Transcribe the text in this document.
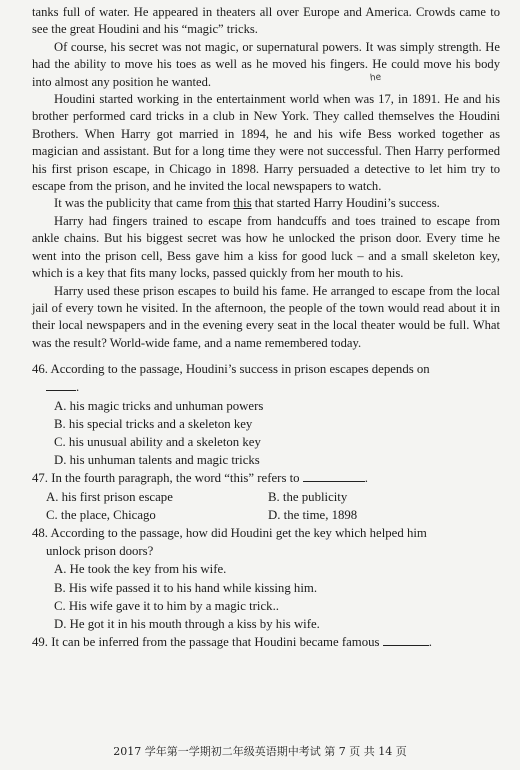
tanks full of water. He appeared in theaters all over Europe and America. Crowds came to see the great Houdini and his “magic” tricks.

Of course, his secret was not magic, or supernatural powers. It was simply strength. He had the ability to move his toes as well as he moved his fingers. He could move his body into almost any position he wanted.

Houdini started working in the entertainment world when was 17, in 1891. He and his brother performed card tricks in a club in New York. They called themselves the Houdini Brothers. When Harry got married in 1894, he and his wife Bess worked together as magician and assistant. But for a long time they were not successful. Then Harry performed his first prison escape, in Chicago in 1898. Harry persuaded a detective to let him try to escape from the prison, and he invited the local newspapers to watch.

It was the publicity that came from this that started Harry Houdini’s success.

Harry had fingers trained to escape from handcuffs and toes trained to escape from ankle chains. But his biggest secret was how he unlocked the prison door. Every time he went into the prison cell, Bess gave him a kiss for good luck – and a small skeleton key, which is a key that fits many locks, passed quickly from her mouth to his.

Harry used these prison escapes to build his fame. He arranged to escape from the local jail of every town he visited. In the afternoon, the people of the town would read about it in their local newspapers and in the evening every seat in the local theater would be full. What was the result? World-wide fame, and a name remembered today.

he
46. According to the passage, Houdini’s success in prison escapes depends on
.
A. his magic tricks and unhuman powers
B. his special tricks and a skeleton key
C. his unusual ability and a skeleton key
D. his unhuman talents and magic tricks
47. In the fourth paragraph, the word “this” refers to	.
A. his first prison escape	B. the publicity
C. the place, Chicago	D. the time, 1898
48. According to the passage, how did Houdini get the key which helped him
unlock prison doors?
A. He took the key from his wife.
B. His wife passed it to his hand while kissing him.
C. His wife gave it to him by a magic trick..
D. He got it in his mouth through a kiss by his wife.
49. It can be inferred from the passage that Houdini became famous	.
2017 学年第一学期初二年级英语期中考试 第 7 页 共 14 页
